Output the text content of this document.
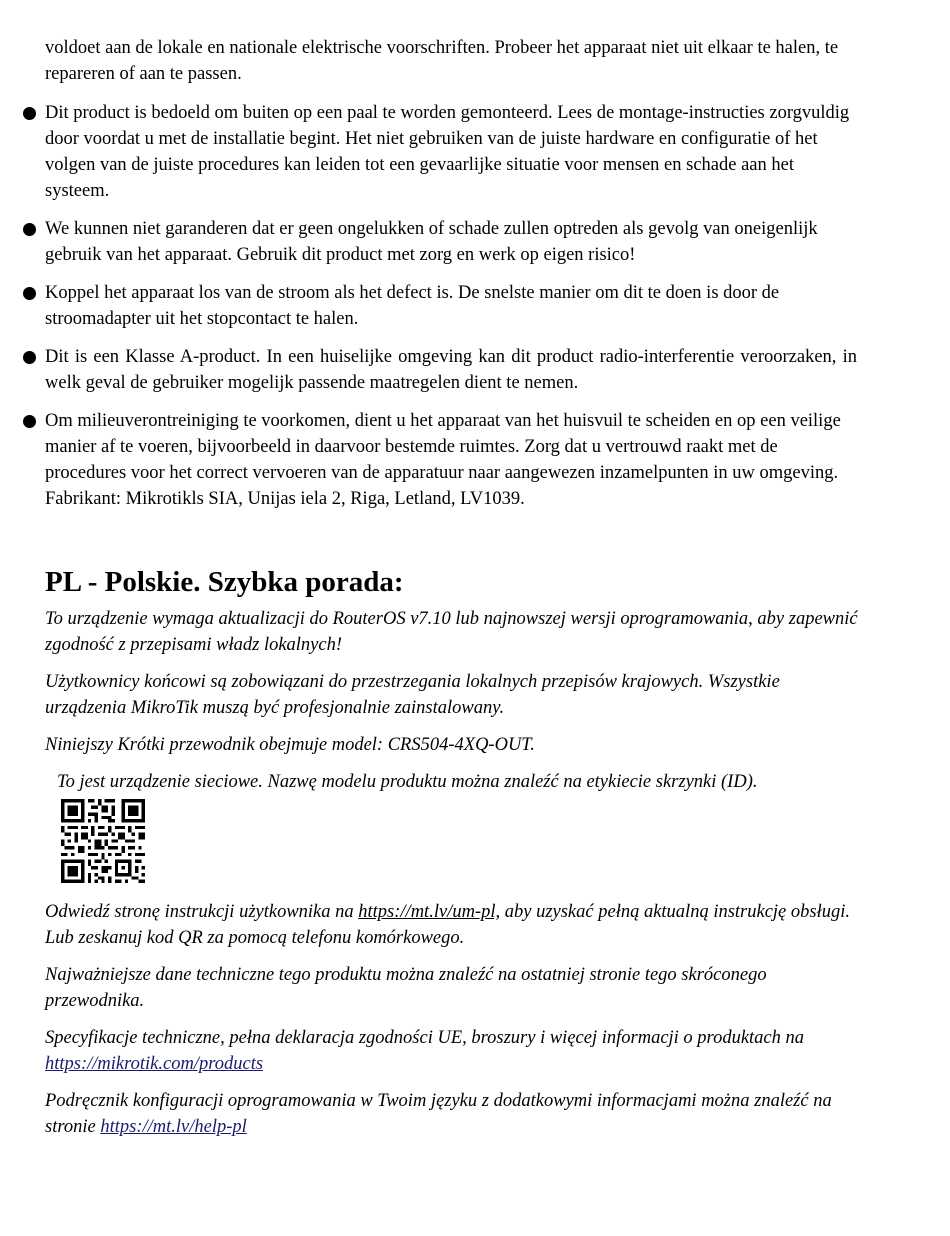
voldoet aan de lokale en nationale elektrische voorschriften. Probeer het apparaat niet uit elkaar te halen, te repareren of aan te passen.

Dit product is bedoeld om buiten op een paal te worden gemonteerd. Lees de montage-instructies zorgvuldig door voordat u met de installatie begint. Het niet gebruiken van de juiste hardware en configuratie of het volgen van de juiste procedures kan leiden tot een gevaarlijke situatie voor mensen en schade aan het systeem.

We kunnen niet garanderen dat er geen ongelukken of schade zullen optreden als gevolg van oneigenlijk gebruik van het apparaat. Gebruik dit product met zorg en werk op eigen risico!

Koppel het apparaat los van de stroom als het defect is. De snelste manier om dit te doen is door de stroomadapter uit het stopcontact te halen.

Dit is een Klasse A-product. In een huiselijke omgeving kan dit product radio-interferentie veroorzaken, in welk geval de gebruiker mogelijk passende maatregelen dient te nemen.

Om milieuverontreiniging te voorkomen, dient u het apparaat van het huisvuil te scheiden en op een veilige manier af te voeren, bijvoorbeeld in daarvoor bestemde ruimtes. Zorg dat u vertrouwd raakt met de procedures voor het correct vervoeren van de apparatuur naar aangewezen inzamelpunten in uw omgeving.

Fabrikant: Mikrotikls SIA, Unijas iela 2, Riga, Letland, LV1039.

PL - Polskie. Szybka porada:

To urządzenie wymaga aktualizacji do RouterOS v7.10 lub najnowszej wersji oprogramowania, aby zapewnić zgodność z przepisami władz lokalnych!

Użytkownicy końcowi są zobowiązani do przestrzegania lokalnych przepisów krajowych. Wszystkie urządzenia MikroTik muszą być profesjonalnie zainstalowany.

Niniejszy Krótki przewodnik obejmuje model: CRS504-4XQ-OUT.

To jest urządzenie sieciowe. Nazwę modelu produktu można znaleźć na etykiecie skrzynki (ID).

Odwiedź stronę instrukcji użytkownika na https://mt.lv/um-pl, aby uzyskać pełną aktualną instrukcję obsługi. Lub zeskanuj kod QR za pomocą telefonu komórkowego.

Najważniejsze dane techniczne tego produktu można znaleźć na ostatniej stronie tego skróconego przewodnika.

Specyfikacje techniczne, pełna deklaracja zgodności UE, broszury i więcej informacji o produktach na https://mikrotik.com/products

Podręcznik konfiguracji oprogramowania w Twoim języku z dodatkowymi informacjami można znaleźć na stronie https://mt.lv/help-pl
